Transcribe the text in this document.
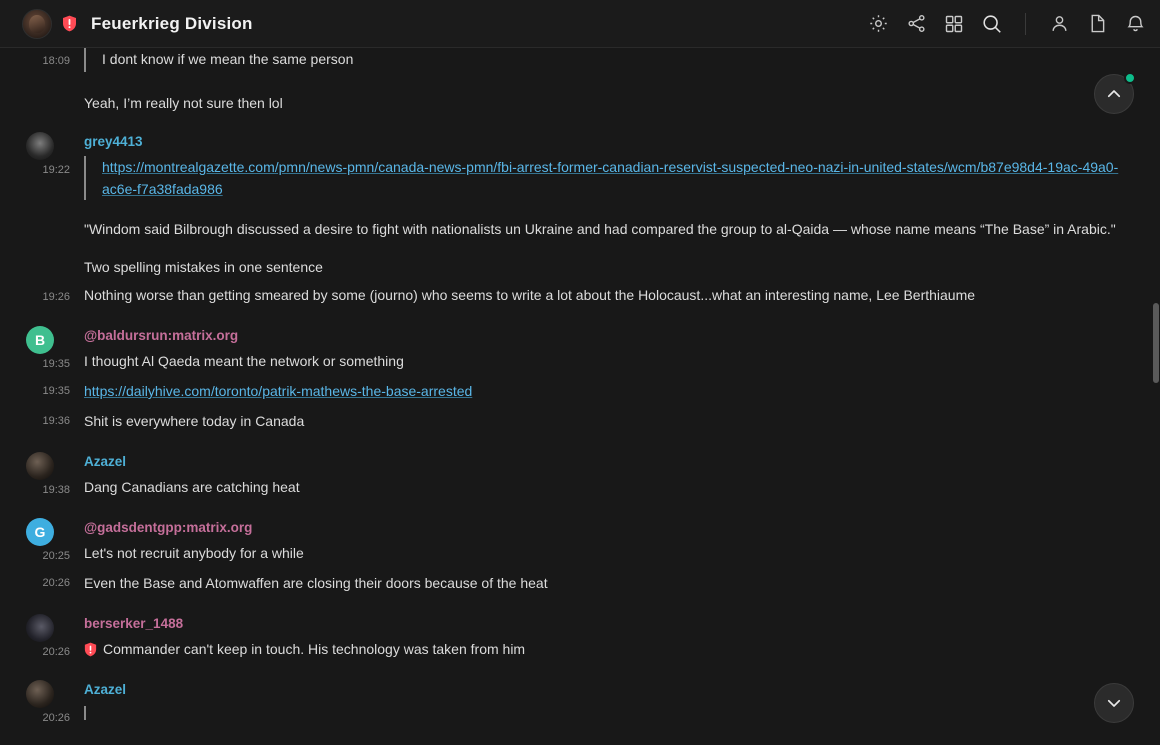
Feuerkrieg Division
18:09	I dont know if we mean the same person
Yeah, I’m really not sure then lol
19:22
grey4413
https://montrealgazette.com/pmn/news-pmn/canada-news-pmn/fbi-arrest-former-canadian-reservist-suspected-neo-nazi-in-united-states/wcm/b87e98d4-19ac-49a0-ac6e-f7a38fada986
"Windom said Bilbrough discussed a desire to fight with nationalists un Ukraine and had compared the group to al-Qaida — whose name means “The Base” in Arabic."
Two spelling mistakes in one sentence
19:26 Nothing worse than getting smeared by some (journo) who seems to write a lot about the Holocaust...what an interesting name, Lee Berthiaume
B
19:35
@baldursrun:matrix.org
I thought Al Qaeda meant the network or something
19:35 https://dailyhive.com/toronto/patrik-mathews-the-base-arrested
19:36 Shit is everywhere today in Canada
19:38
Azazel
Dang Canadians are catching heat
G
20:25
@gadsdentgpp:matrix.org
Let's not recruit anybody for a while
20:26 Even the Base and Atomwaffen are closing their doors because of the heat
20:26
berserker_1488
Commander can't keep in touch. His technology was taken from him
20:26
Azazel
